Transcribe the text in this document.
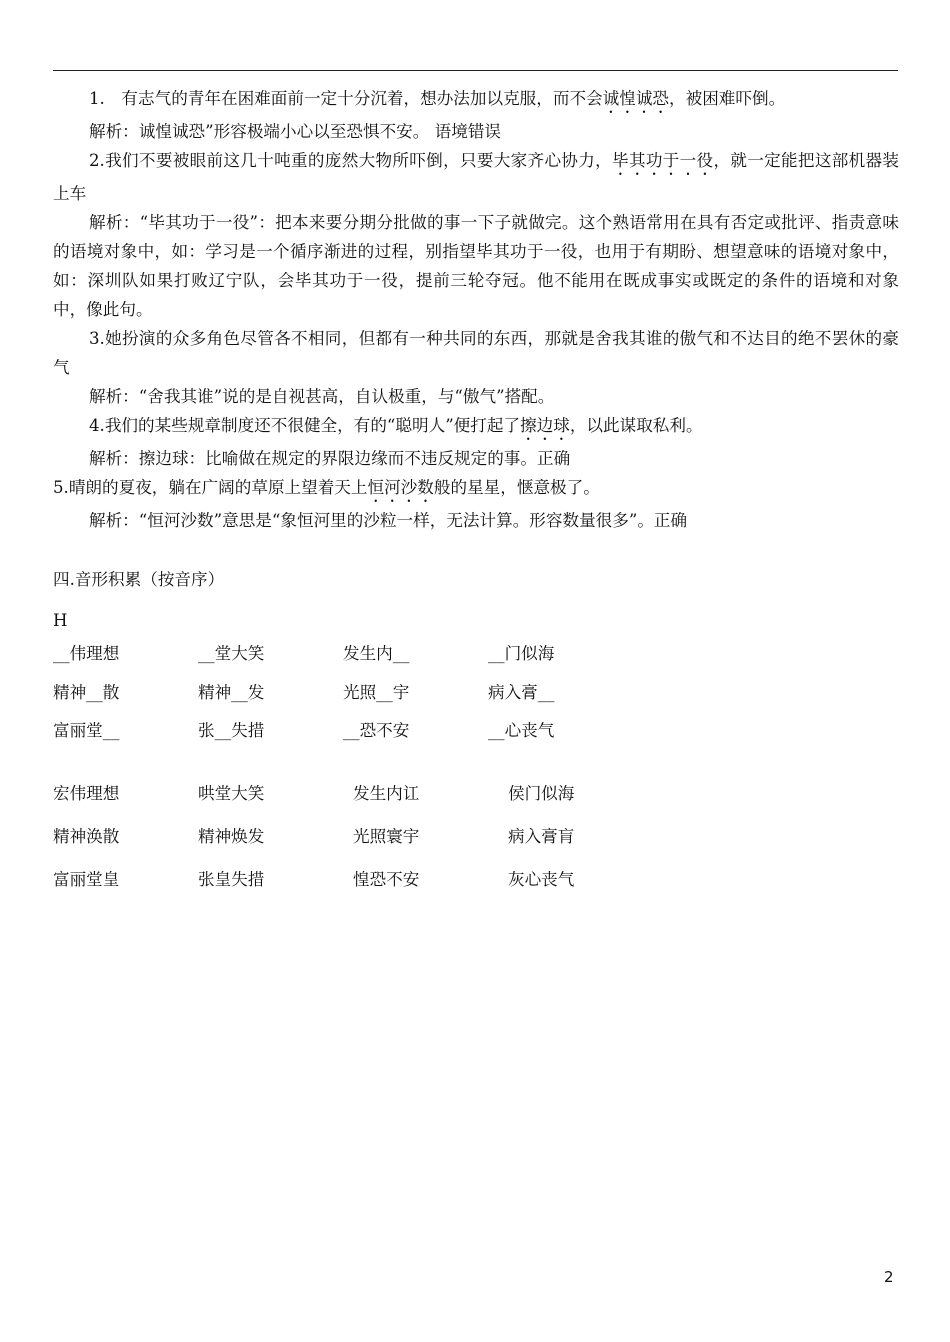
1.　有志气的青年在困难面前一定十分沉着，想办法加以克服，而不会诚惶诚恐，被困难吓倒。

解析：诚惶诚恐”形容极端小心以至恐惧不安。 语境错误

2.我们不要被眼前这几十吨重的庞然大物所吓倒，只要大家齐心协力，毕其功于一役，就一定能把这部机器装上车

解析：“毕其功于一役”：把本来要分期分批做的事一下子就做完。这个熟语常用在具有否定或批评、指责意味的语境对象中，如：学习是一个循序渐进的过程，别指望毕其功于一役，也用于有期盼、想望意味的语境对象中，如：深圳队如果打败辽宁队，会毕其功于一役，提前三轮夺冠。他不能用在既成事实或既定的条件的语境和对象中，像此句。

3.她扮演的众多角色尽管各不相同，但都有一种共同的东西，那就是舍我其谁的傲气和不达目的绝不罢休的豪气

解析：“舍我其谁”说的是自视甚高，自认极重，与“傲气”搭配。

4.我们的某些规章制度还不很健全，有的“聪明人”便打起了擦边球，以此谋取私利。

解析：擦边球：比喻做在规定的界限边缘而不违反规定的事。正确

5.晴朗的夏夜，躺在广阔的草原上望着天上恒河沙数般的星星，惬意极了。

解析：“恒河沙数”意思是“象恒河里的沙粒一样，无法计算。形容数量很多”。正确

四.音形积累（按音序）

H

__伟理想	__堂大笑	发生内__	__门似海
精神__散	精神__发	光照__宇	病入膏__
富丽堂__	张__失措	__恐不安	__心丧气
宏伟理想	哄堂大笑	发生内讧	侯门似海
精神涣散	精神焕发	光照寰宇	病入膏肓
富丽堂皇	张皇失措	惶恐不安	灰心丧气
2
